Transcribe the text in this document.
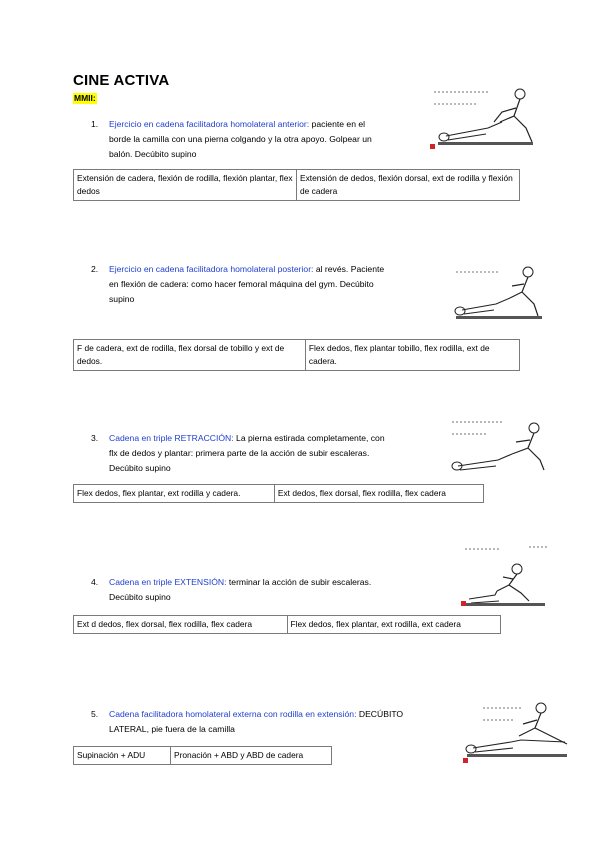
CINE ACTIVA
MMII:
1. Ejercicio en cadena facilitadora homolateral anterior: paciente en el
borde la camilla con una pierna colgando y la otra apoyo. Golpear un
balón. Decúbito supino
Extensión de cadera, flexión de rodilla, flexión plantar, flex dedos	Extensión de dedos, flexión dorsal, ext de rodilla y flexión de cadera
2. Ejercicio en cadena facilitadora homolateral posterior: al revés. Paciente
en flexión de cadera: como hacer femoral máquina del gym. Decúbito
supino
F de cadera, ext de rodilla, flex dorsal de tobillo y ext de dedos.	Flex dedos, flex plantar tobillo, flex rodilla, ext de cadera.
3. Cadena en triple RETRACCIÓN: La pierna estirada completamente, con
flx de dedos y plantar: primera parte de la acción de subir escaleras.
Decúbito supino
Flex dedos, flex plantar, ext rodilla y cadera.	Ext dedos, flex dorsal, flex rodilla, flex cadera
4. Cadena en triple EXTENSIÓN: terminar la acción de subir escaleras.
Decúbito supino
Ext d dedos, flex dorsal, flex rodilla, flex cadera	Flex dedos, flex plantar, ext rodilla, ext cadera
5. Cadena facilitadora homolateral externa con rodilla en extensión: DECÚBITO
LATERAL, pie fuera de la camilla
Supinación + ADU	Pronación + ABD y ABD de cadera
